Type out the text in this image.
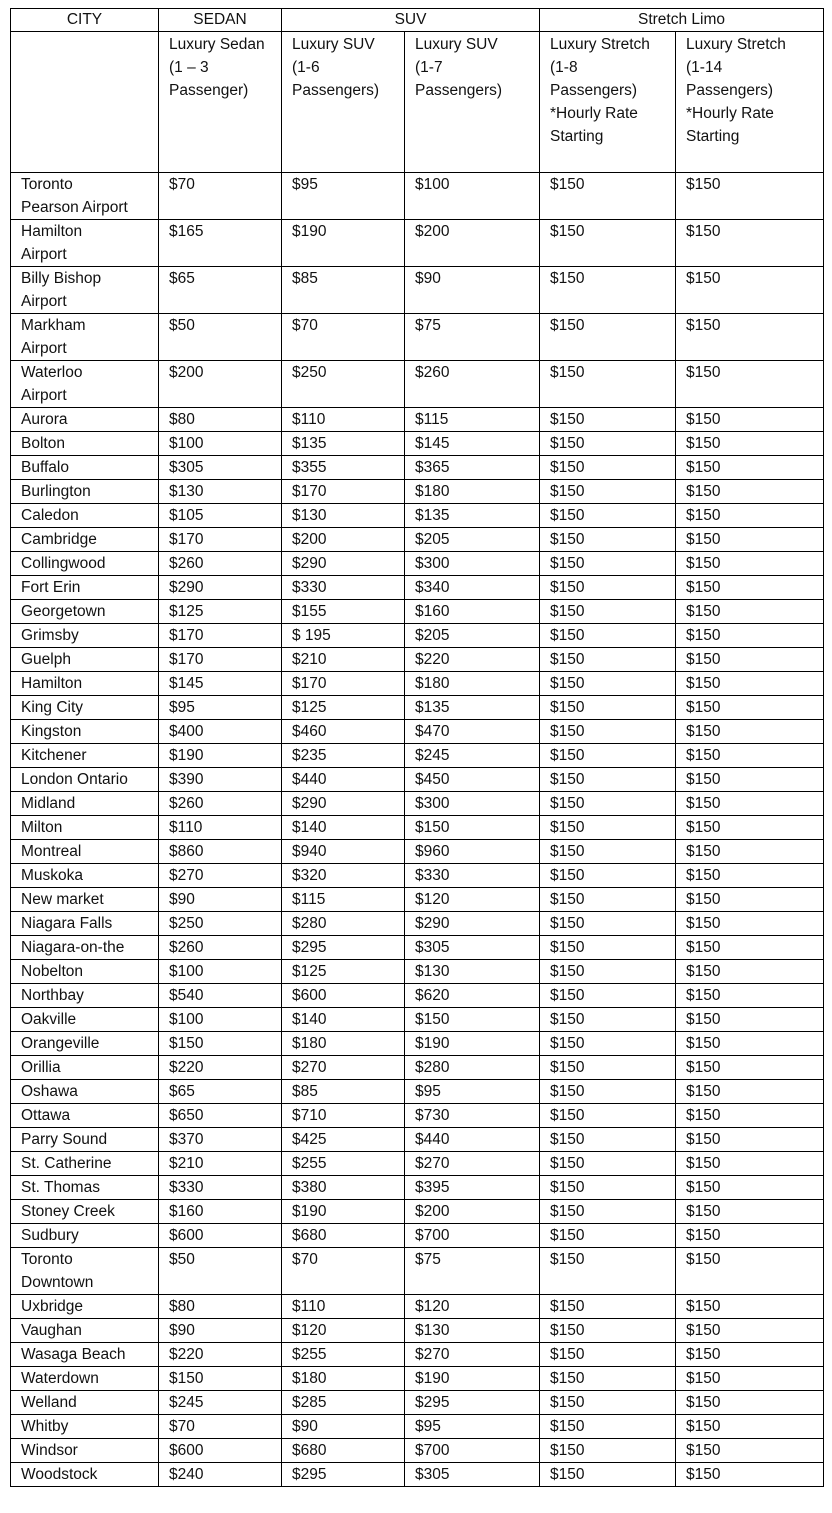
CITY	SEDAN	SUV		Stretch Limo	

	Luxury Sedan
(1 – 3
Passenger)	Luxury SUV
(1-6
Passengers)	Luxury SUV
(1-7
Passengers)	Luxury Stretch
(1-8
Passengers)
*Hourly Rate
Starting	Luxury Stretch
(1-14
Passengers)
*Hourly Rate
Starting

Toronto
Pearson Airport	$70	$95	$100	$150	$150

Hamilton
Airport	$165	$190	$200	$150	$150

Billy Bishop
Airport	$65	$85	$90	$150	$150

Markham
Airport	$50	$70	$75	$150	$150

Waterloo
Airport	$200	$250	$260	$150	$150

Aurora	$80	$110	$115	$150	$150

Bolton	$100	$135	$145	$150	$150

Buffalo	$305	$355	$365	$150	$150

Burlington	$130	$170	$180	$150	$150

Caledon	$105	$130	$135	$150	$150

Cambridge	$170	$200	$205	$150	$150

Collingwood	$260	$290	$300	$150	$150

Fort Erin	$290	$330	$340	$150	$150

Georgetown	$125	$155	$160	$150	$150

Grimsby	$170	$ 195	$205	$150	$150

Guelph	$170	$210	$220	$150	$150

Hamilton	$145	$170	$180	$150	$150

King City	$95	$125	$135	$150	$150

Kingston	$400	$460	$470	$150	$150

Kitchener	$190	$235	$245	$150	$150

London Ontario	$390	$440	$450	$150	$150

Midland	$260	$290	$300	$150	$150

Milton	$110	$140	$150	$150	$150

Montreal	$860	$940	$960	$150	$150

Muskoka	$270	$320	$330	$150	$150

New market	$90	$115	$120	$150	$150

Niagara Falls	$250	$280	$290	$150	$150

Niagara-on-the	$260	$295	$305	$150	$150

Nobelton	$100	$125	$130	$150	$150

Northbay	$540	$600	$620	$150	$150

Oakville	$100	$140	$150	$150	$150

Orangeville	$150	$180	$190	$150	$150

Orillia	$220	$270	$280	$150	$150

Oshawa	$65	$85	$95	$150	$150

Ottawa	$650	$710	$730	$150	$150

Parry Sound	$370	$425	$440	$150	$150

St. Catherine	$210	$255	$270	$150	$150

St. Thomas	$330	$380	$395	$150	$150

Stoney Creek	$160	$190	$200	$150	$150

Sudbury	$600	$680	$700	$150	$150

Toronto
Downtown	$50	$70	$75	$150	$150

Uxbridge	$80	$110	$120	$150	$150

Vaughan	$90	$120	$130	$150	$150

Wasaga Beach	$220	$255	$270	$150	$150

Waterdown	$150	$180	$190	$150	$150

Welland	$245	$285	$295	$150	$150

Whitby	$70	$90	$95	$150	$150

Windsor	$600	$680	$700	$150	$150

Woodstock	$240	$295	$305	$150	$150
